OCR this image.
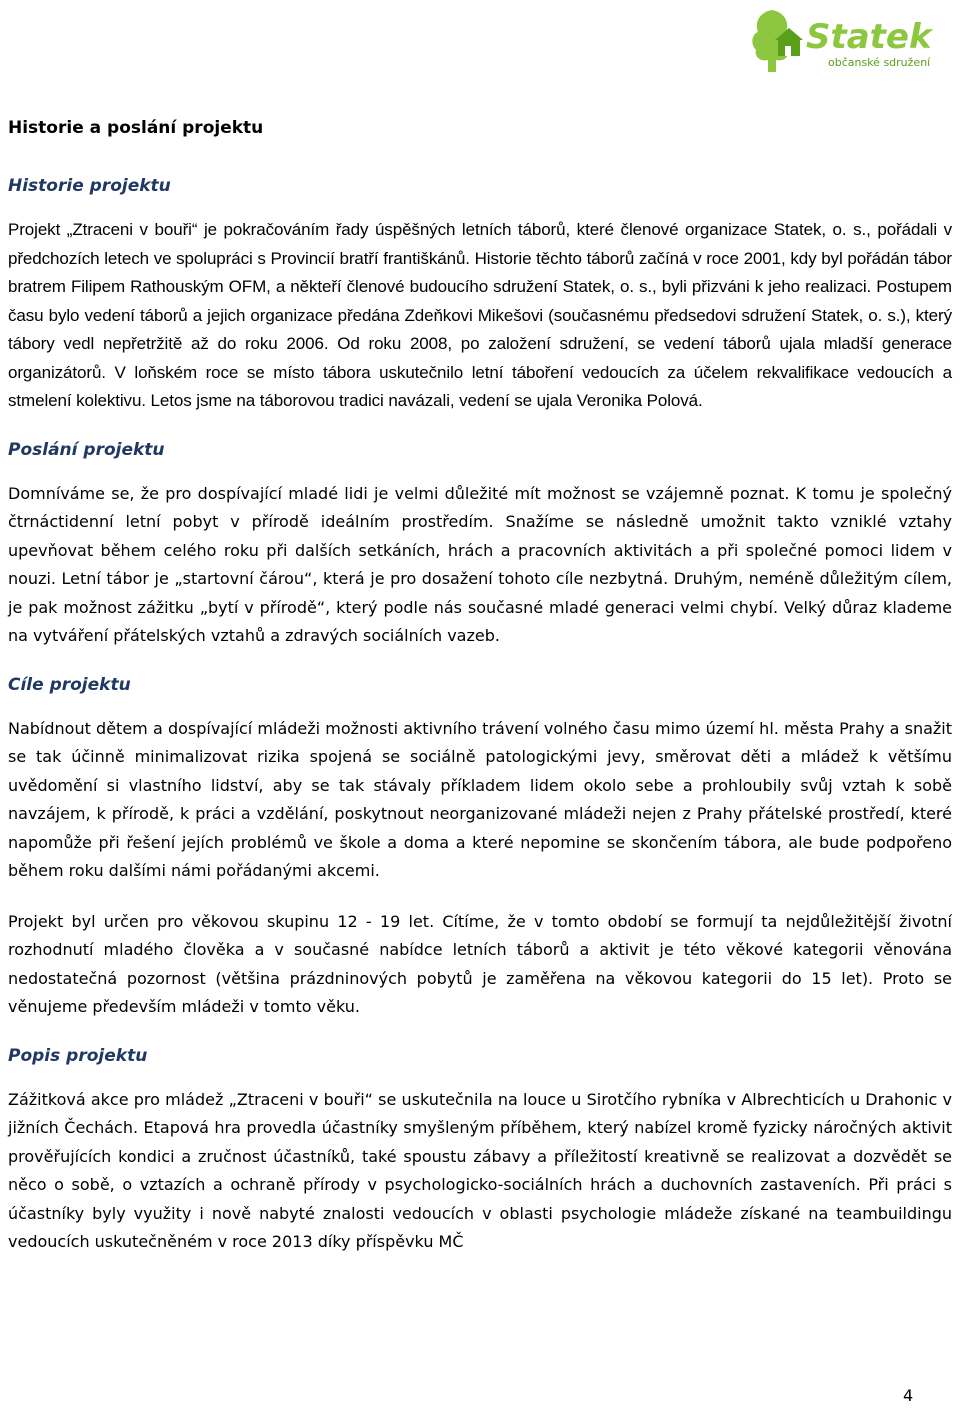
Statek
občanské sdružení
Historie a poslání projektu
Historie projektu

Projekt „Ztraceni v bouři“ je pokračováním řady úspěšných letních táborů, které členové organizace Statek, o. s., pořádali v předchozích letech ve spolupráci s Provincií bratří františkánů. Historie těchto táborů začíná v roce 2001, kdy byl pořádán tábor bratrem Filipem Rathouským OFM, a někteří členové budoucího sdružení Statek, o. s., byli přizváni k jeho realizaci. Postupem času bylo vedení táborů a jejich organizace předána Zdeňkovi Mikešovi (současnému předsedovi sdružení Statek, o. s.), který tábory vedl nepřetržitě až do roku 2006. Od roku 2008, po založení sdružení, se vedení táborů ujala mladší generace organizátorů. V loňském roce se místo tábora uskutečnilo letní táboření vedoucích za účelem rekvalifikace vedoucích a stmelení kolektivu. Letos jsme na táborovou tradici navázali, vedení se ujala Veronika Polová.

Poslání projektu

Domníváme se, že pro dospívající mladé lidi je velmi důležité mít možnost se vzájemně poznat. K tomu je společný čtrnáctidenní letní pobyt v přírodě ideálním prostředím. Snažíme se následně umožnit takto vzniklé vztahy upevňovat během celého roku při dalších setkáních, hrách a pracovních aktivitách a při společné pomoci lidem v nouzi. Letní tábor je „startovní čárou“, která je pro dosažení tohoto cíle nezbytná. Druhým, neméně důležitým cílem, je pak možnost zážitku „bytí v přírodě“, který podle nás současné mladé generaci velmi chybí. Velký důraz klademe na vytváření přátelských vztahů a zdravých sociálních vazeb.

Cíle projektu

Nabídnout dětem a dospívající mládeži možnosti aktivního trávení volného času mimo území hl. města Prahy a snažit se tak účinně minimalizovat rizika spojená se sociálně patologickými jevy, směrovat děti a mládež k většímu uvědomění si vlastního lidství, aby se tak stávaly příkladem lidem okolo sebe a prohloubily svůj vztah k sobě navzájem, k přírodě, k práci a vzdělání, poskytnout neorganizované mládeži nejen z Prahy přátelské prostředí, které napomůže při řešení jejích problémů ve škole a doma a které nepomine se skončením tábora, ale bude podpořeno během roku dalšími námi pořádanými akcemi.

Projekt byl určen pro věkovou skupinu 12 - 19 let. Cítíme, že v tomto období se formují ta nejdůležitější životní rozhodnutí mladého člověka a v současné nabídce letních táborů a aktivit je této věkové kategorii věnována nedostatečná pozornost (většina prázdninových pobytů je zaměřena na věkovou kategorii do 15 let). Proto se věnujeme především mládeži v tomto věku.

Popis projektu

Zážitková akce pro mládež „Ztraceni v bouři“ se uskutečnila na louce u Sirotčího rybníka v Albrechticích u Drahonic v jižních Čechách. Etapová hra provedla účastníky smyšleným příběhem, který nabízel kromě fyzicky náročných aktivit prověřujících kondici a zručnost účastníků, také spoustu zábavy a příležitostí kreativně se realizovat a dozvědět se něco o sobě, o vztazích a ochraně přírody v psychologicko-sociálních hrách a duchovních zastaveních. Při práci s účastníky byly využity i nově nabyté znalosti vedoucích v oblasti psychologie mládeže získané na teambuildingu vedoucích uskutečněném v roce 2013 díky příspěvku MČ

4
